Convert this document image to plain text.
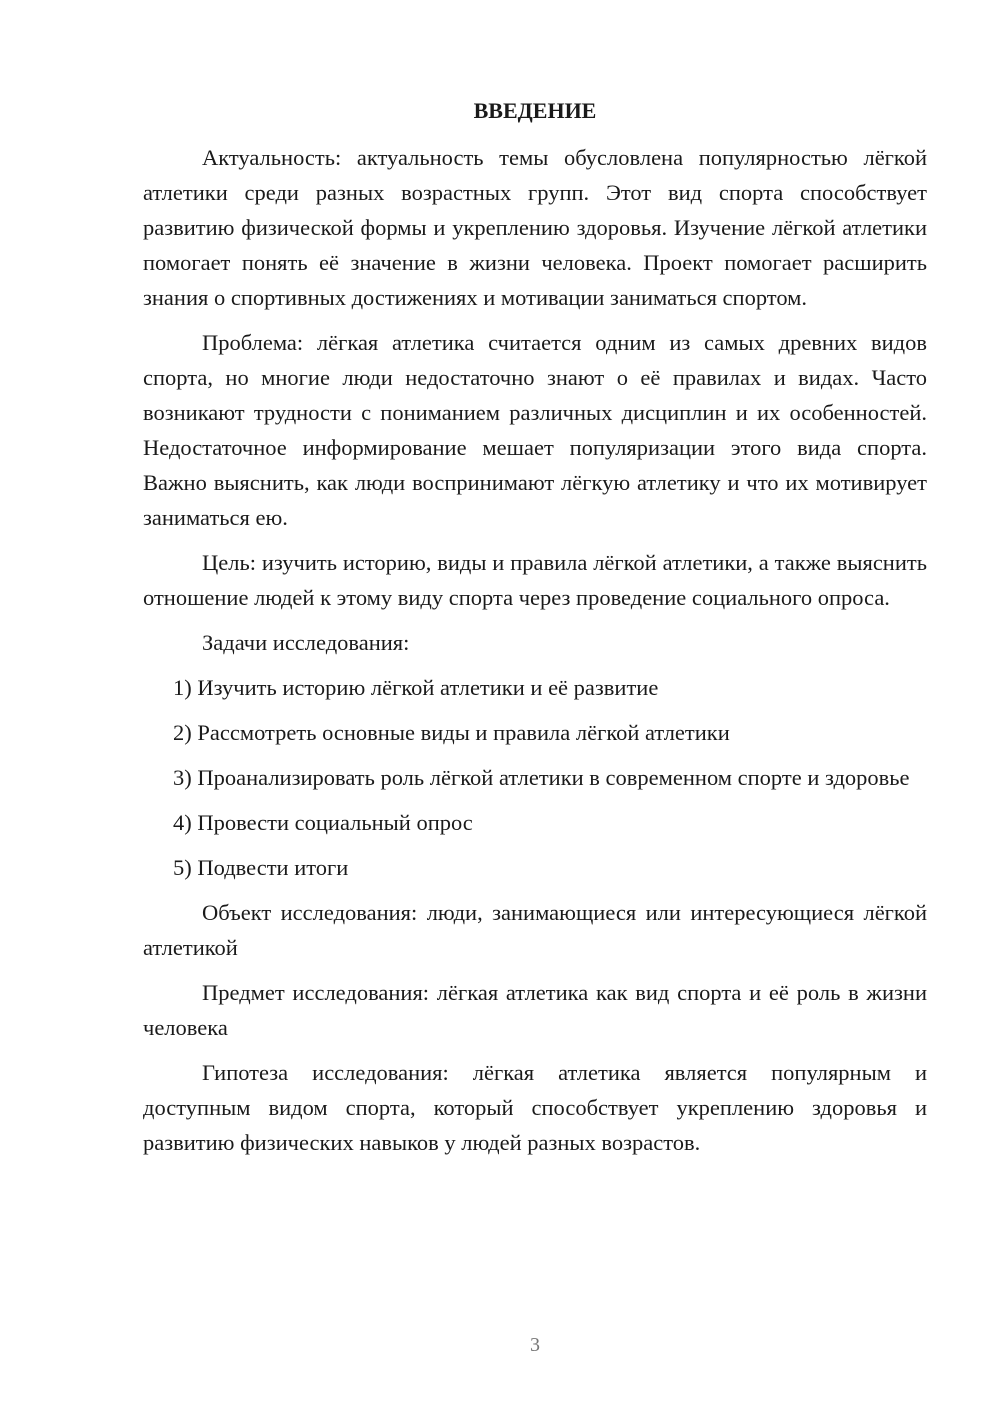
ВВЕДЕНИЕ

Актуальность: актуальность темы обусловлена популярностью лёгкой атлетики среди разных возрастных групп. Этот вид спорта способствует развитию физической формы и укреплению здоровья. Изучение лёгкой атлетики помогает понять её значение в жизни человека. Проект помогает расширить знания о спортивных достижениях и мотивации заниматься спортом.

Проблема: лёгкая атлетика считается одним из самых древних видов спорта, но многие люди недостаточно знают о её правилах и видах. Часто возникают трудности с пониманием различных дисциплин и их особенностей. Недостаточное информирование мешает популяризации этого вида спорта. Важно выяснить, как люди воспринимают лёгкую атлетику и что их мотивирует заниматься ею.

Цель: изучить историю, виды и правила лёгкой атлетики, а также выяснить отношение людей к этому виду спорта через проведение социального опроса.

Задачи исследования:

1) Изучить историю лёгкой атлетики и её развитие

2) Рассмотреть основные виды и правила лёгкой атлетики

3) Проанализировать роль лёгкой атлетики в современном спорте и здоровье

4) Провести социальный опрос

5) Подвести итоги

Объект исследования: люди, занимающиеся или интересующиеся лёгкой атлетикой

Предмет исследования: лёгкая атлетика как вид спорта и её роль в жизни человека

Гипотеза исследования: лёгкая атлетика является популярным и доступным видом спорта, который способствует укреплению здоровья и развитию физических навыков у людей разных возрастов.

3
